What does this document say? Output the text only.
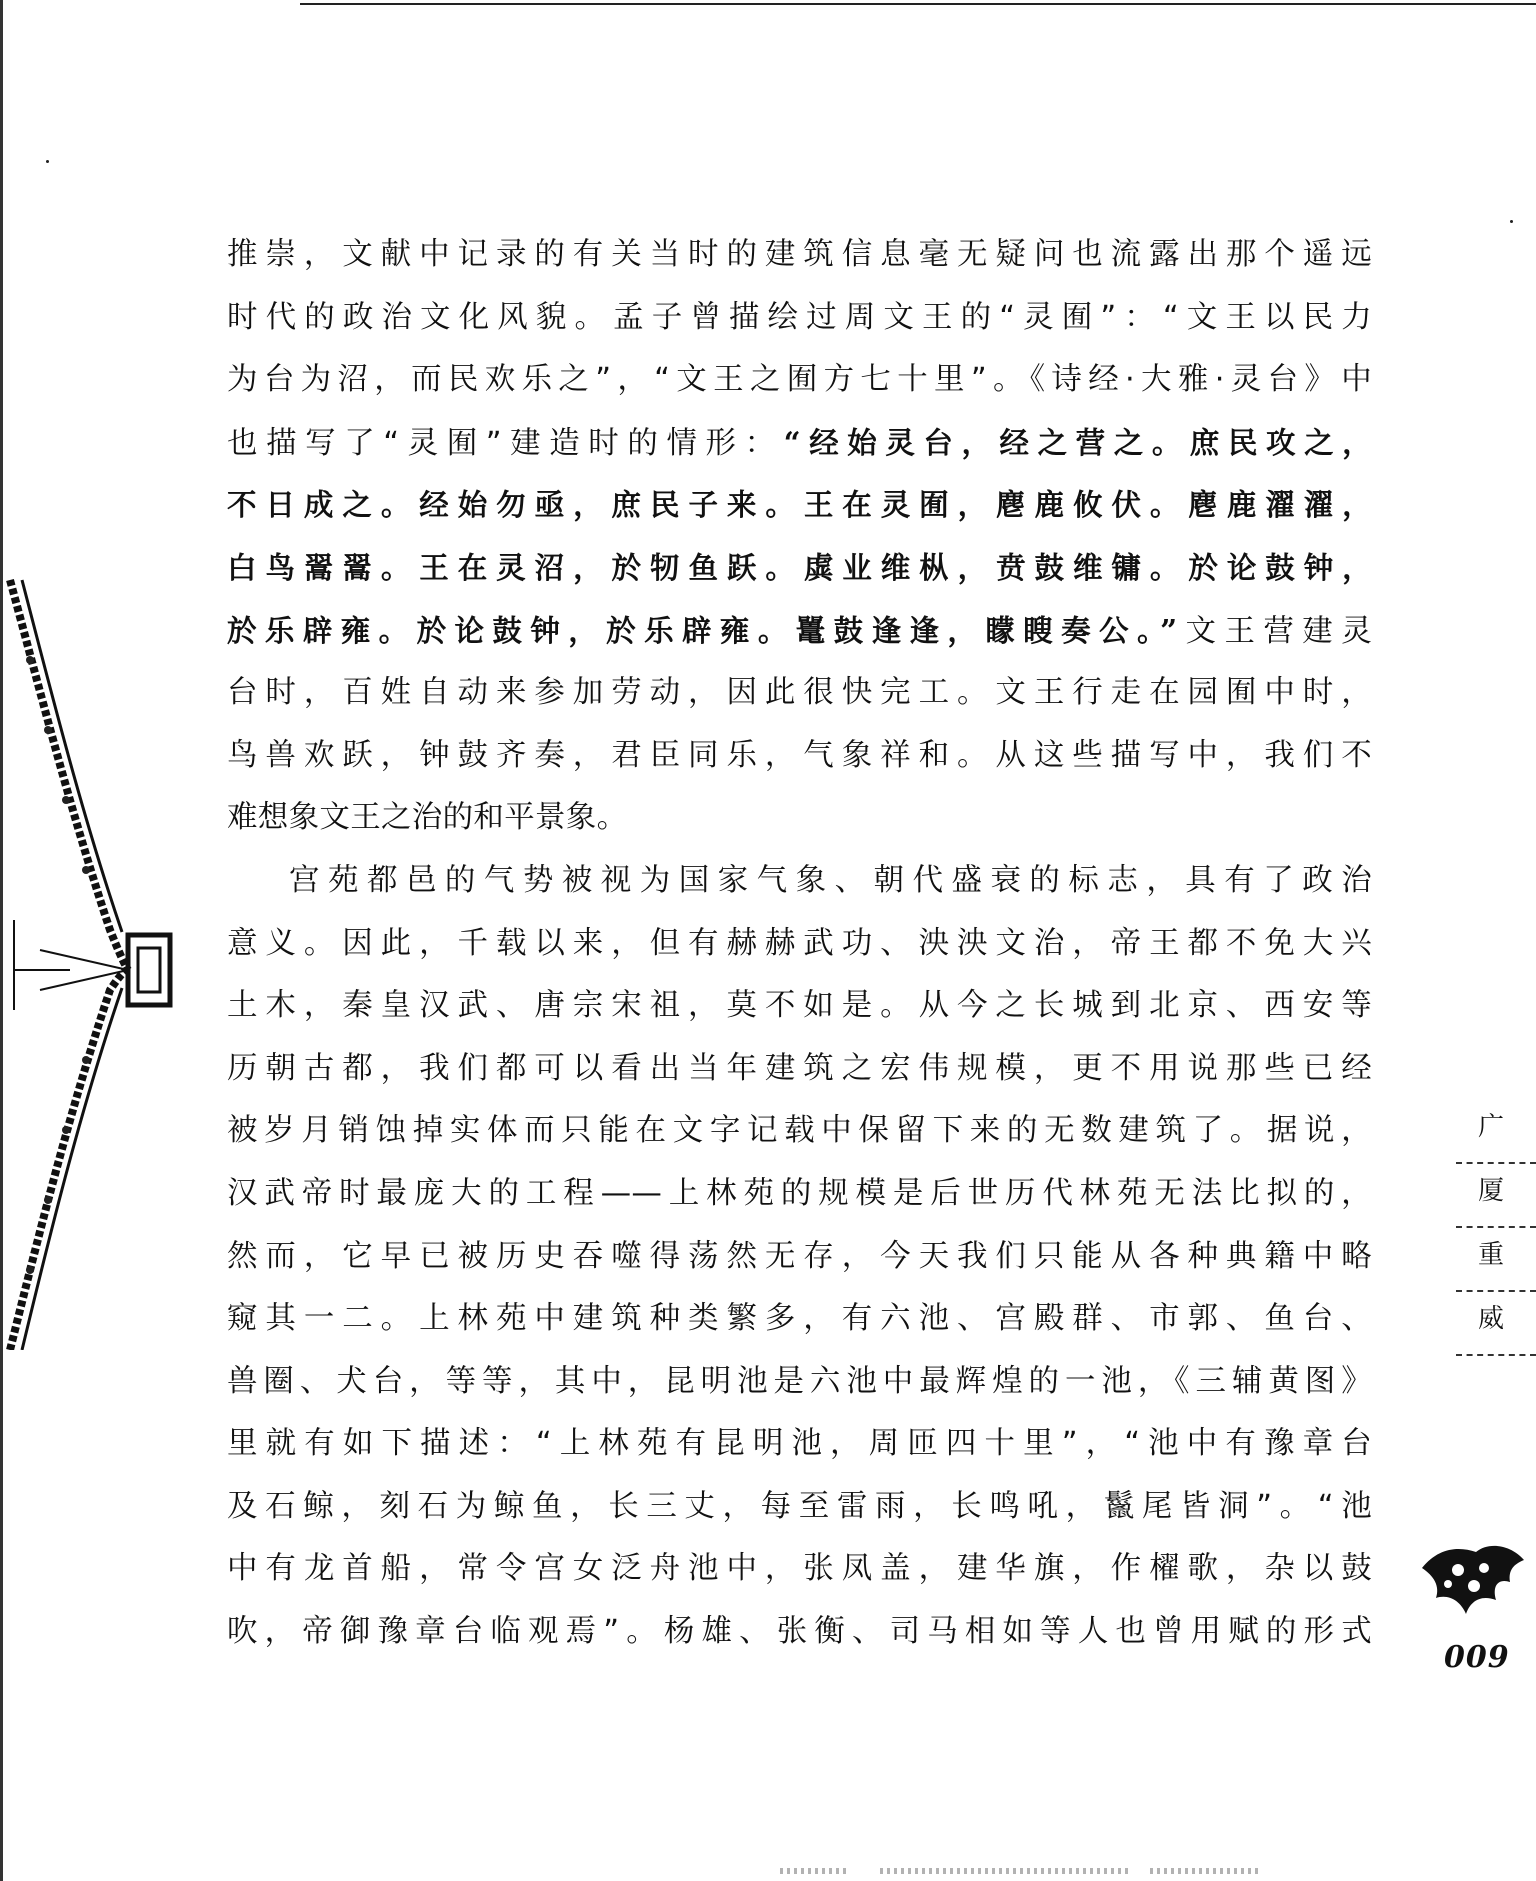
推崇，文献中记录的有关当时的建筑信息毫无疑问也流露出那个遥远
时代的政治文化风貌。孟子曾描绘过周文王的“灵囿”：“文王以民力
为台为沼，而民欢乐之”，“文王之囿方七十里”。《诗经·大雅·灵台》中
也描写了“灵囿”建造时的情形：“经始灵台，经之营之。庶民攻之，
不日成之。经始勿亟，庶民子来。王在灵囿，麀鹿攸伏。麀鹿濯濯，
白鸟翯翯。王在灵沼，於牣鱼跃。虡业维枞，贲鼓维镛。於论鼓钟，
於乐辟雍。於论鼓钟，於乐辟雍。鼍鼓逢逢，矇瞍奏公。”文王营建灵
台时，百姓自动来参加劳动，因此很快完工。文王行走在园囿中时，
鸟兽欢跃，钟鼓齐奏，君臣同乐，气象祥和。从这些描写中，我们不
难想象文王之治的和平景象。
宫苑都邑的气势被视为国家气象、朝代盛衰的标志，具有了政治
意义。因此，千载以来，但有赫赫武功、泱泱文治，帝王都不免大兴
土木，秦皇汉武、唐宗宋祖，莫不如是。从今之长城到北京、西安等
历朝古都，我们都可以看出当年建筑之宏伟规模，更不用说那些已经
被岁月销蚀掉实体而只能在文字记载中保留下来的无数建筑了。据说，
汉武帝时最庞大的工程——上林苑的规模是后世历代林苑无法比拟的，
然而，它早已被历史吞噬得荡然无存，今天我们只能从各种典籍中略
窥其一二。上林苑中建筑种类繁多，有六池、宫殿群、市郭、鱼台、
兽圈、犬台，等等，其中，昆明池是六池中最辉煌的一池，《三辅黄图》
里就有如下描述：“上林苑有昆明池，周匝四十里”，“池中有豫章台
及石鲸，刻石为鲸鱼，长三丈，每至雷雨，长鸣吼，鬣尾皆洞”。“池
中有龙首船，常令宫女泛舟池中，张凤盖，建华旗，作櫂歌，杂以鼓
吹，帝御豫章台临观焉”。杨雄、张衡、司马相如等人也曾用赋的形式
广
厦
重
威
009
